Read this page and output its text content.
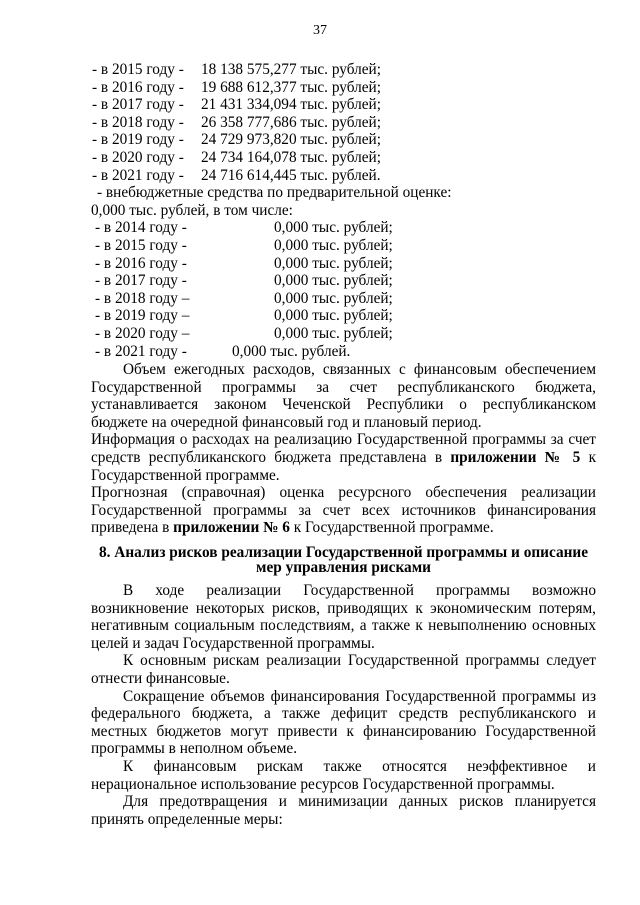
37
- в 2015 году - 18 138 575,277 тыс. рублей;
- в 2016 году - 19 688 612,377 тыс. рублей;
- в 2017 году - 21 431 334,094 тыс. рублей;
- в 2018 году - 26 358 777,686 тыс. рублей;
- в 2019 году - 24 729 973,820 тыс. рублей;
- в 2020 году - 24 734 164,078 тыс. рублей;
- в 2021 году - 24 716 614,445 тыс. рублей.
- внебюджетные средства по предварительной оценке:
0,000 тыс. рублей, в том числе:
- в 2014 году -	0,000 тыс. рублей;
- в 2015 году -	0,000 тыс. рублей;
- в 2016 году -	0,000 тыс. рублей;
- в 2017 году -	0,000 тыс. рублей;
- в 2018 году –	0,000 тыс. рублей;
- в 2019 году –	0,000 тыс. рублей;
- в 2020 году –	0,000 тыс. рублей;
- в 2021 году -	0,000 тыс. рублей.

Объем ежегодных расходов, связанных с финансовым обеспечением Государственной программы за счет республиканского бюджета, устанавливается законом Чеченской Республики о республиканском бюджете на очередной финансовый год и плановый период.

Информация о расходах на реализацию Государственной программы за счет средств республиканского бюджета представлена в приложении № 5 к Государственной программе.

Прогнозная (справочная) оценка ресурсного обеспечения реализации Государственной программы за счет всех источников финансирования приведена в приложении № 6 к Государственной программе.

8. Анализ рисков реализации Государственной программы и описание
мер управления рисками

В ходе реализации Государственной программы возможно возникновение некоторых рисков, приводящих к экономическим потерям, негативным социальным последствиям, а также к невыполнению основных целей и задач Государственной программы.

К основным рискам реализации Государственной программы следует отнести финансовые.

Сокращение объемов финансирования Государственной программы из федерального бюджета, а также дефицит средств республиканского и местных бюджетов могут привести к финансированию Государственной программы в неполном объеме.

К финансовым рискам также относятся неэффективное и нерациональное использование ресурсов Государственной программы.

Для предотвращения и минимизации данных рисков планируется принять определенные меры:
